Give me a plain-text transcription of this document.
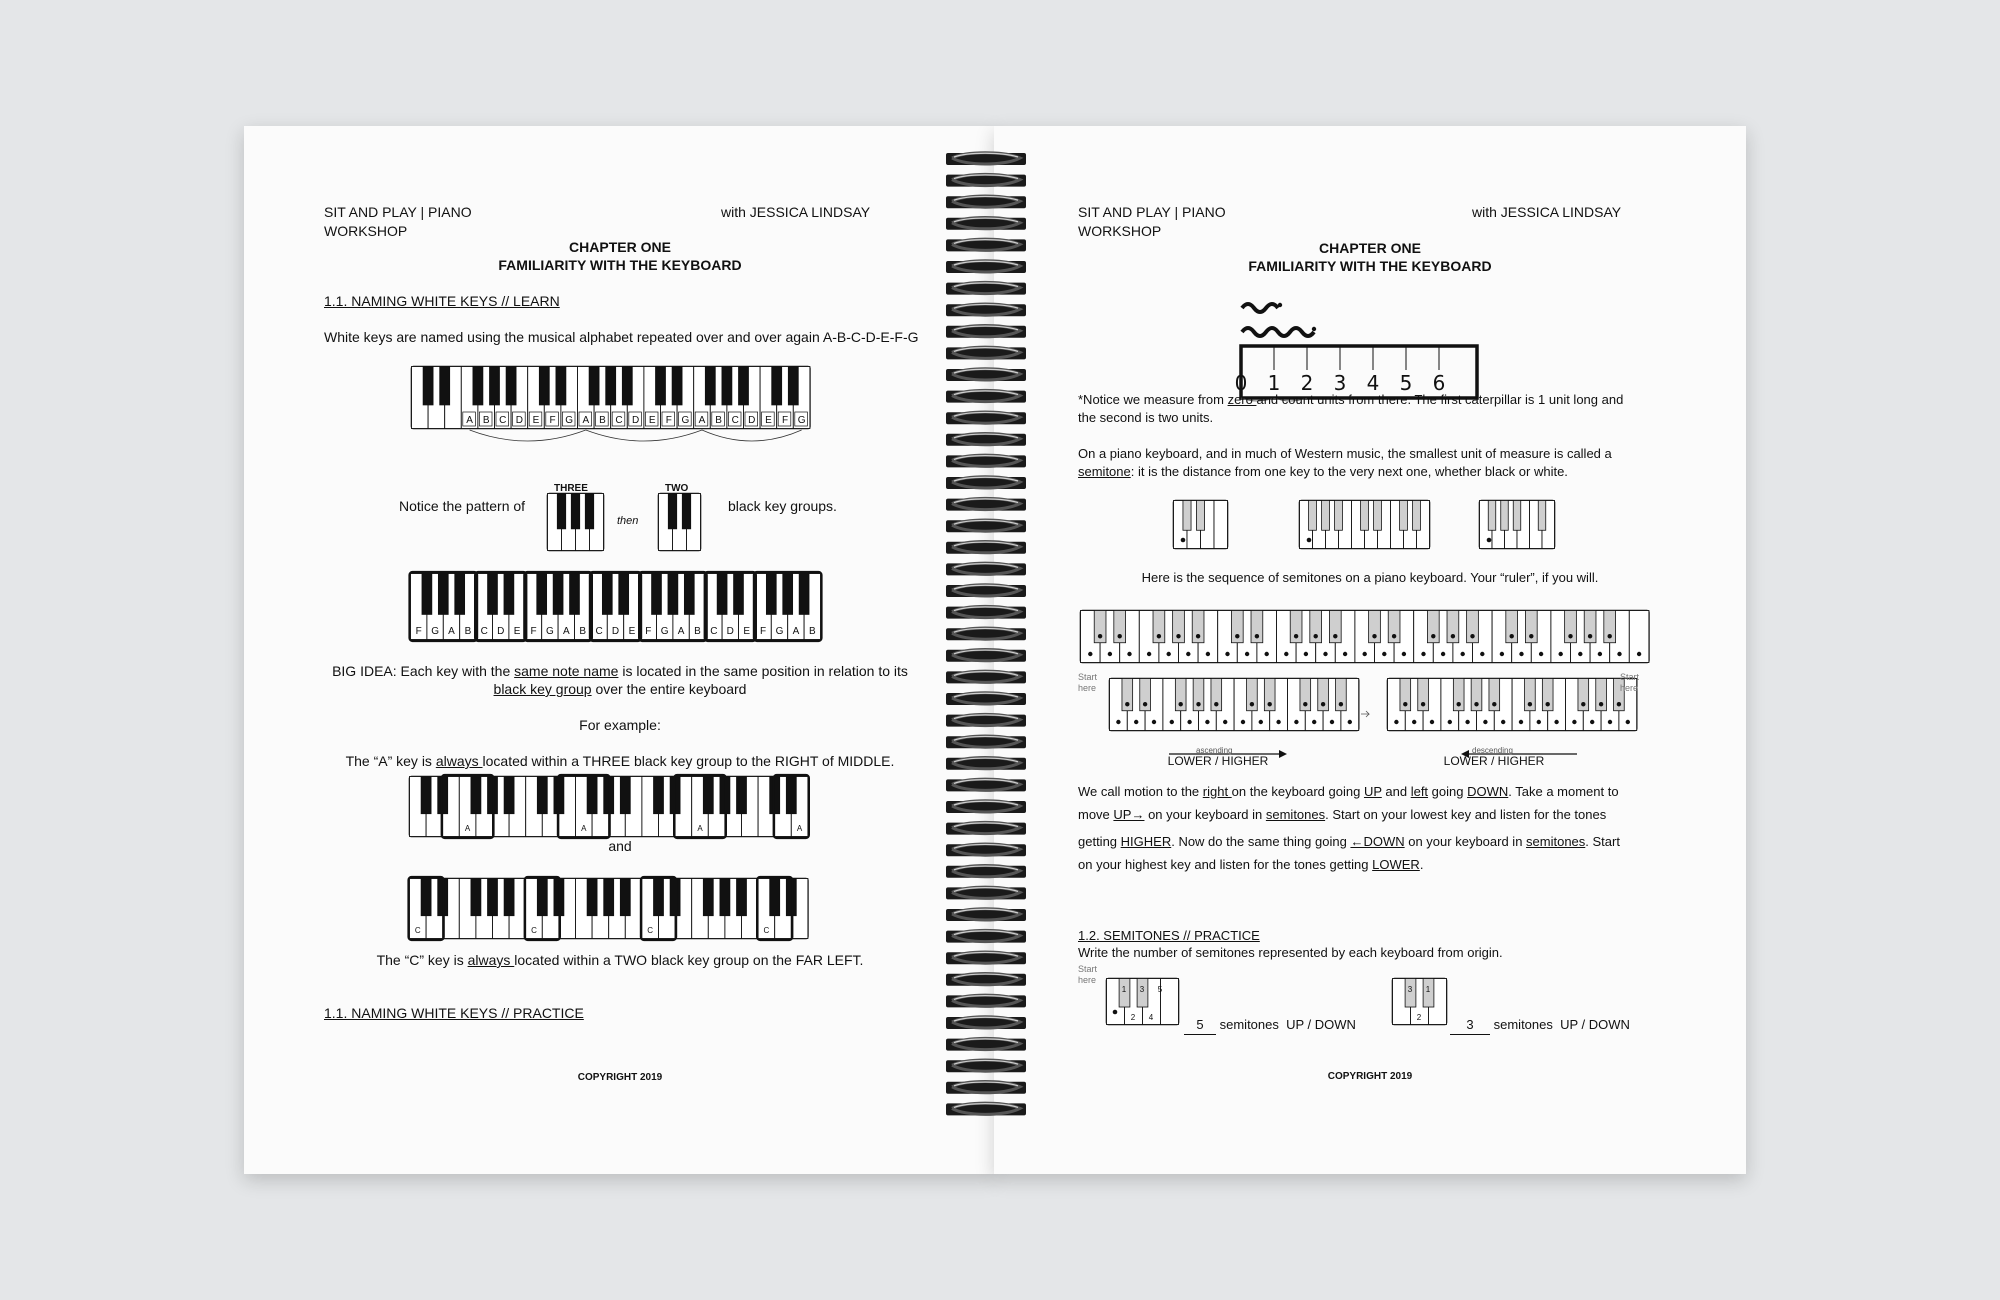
SIT AND PLAY | PIANO
WORKSHOP
with JESSICA LINDSAY
CHAPTER ONE
FAMILIARITY WITH THE KEYBOARD
1.1. NAMING WHITE KEYS // LEARN
White keys are named using the musical alphabet repeated over and over again A-B-C-D-E-F-G
A B C D E F G A B C D E F G A B C D E F G
Notice the pattern of
THREE
then
TWO
black key groups.
F G A B C D E F G A B C D E F G A B C D E F G A B
BIG IDEA: Each key with the same note name is located in the same position in relation to its
black key group over the entire keyboard
For example:
The “A” key is always located within a THREE black key group to the RIGHT of MIDDLE.
A	A	A	A
and
C	C	C	C
The “C” key is always located within a TWO black key group on the FAR LEFT.
1.1. NAMING WHITE KEYS // PRACTICE
COPYRIGHT 2019
SIT AND PLAY | PIANO
WORKSHOP
with JESSICA LINDSAY
CHAPTER ONE
FAMILIARITY WITH THE KEYBOARD
0 1 2 3 4 5 6
*Notice we measure from zero and count units from there. The first caterpillar is 1 unit long and
the second is two units.
On a piano keyboard, and in much of Western music, the smallest unit of measure is called a
semitone: it is the distance from one key to the very next one, whether black or white.
Here is the sequence of semitones on a piano keyboard. Your “ruler”, if you will.
Start
here
ascending
LOWER / HIGHER
descending
LOWER / HIGHER
Start
here
We call motion to the right on the keyboard going UP and left going DOWN. Take a moment to
move UP→ on your keyboard in semitones. Start on your lowest key and listen for the tones
getting HIGHER. Now do the same thing going ←DOWN on your keyboard in semitones. Start
on your highest key and listen for the tones getting LOWER.
1.2. SEMITONES // PRACTICE
Write the number of semitones represented by each keyboard from origin.
Start
here
1 3 5
2 4	5 semitones UP / DOWN
3 1
2	3 semitones UP / DOWN
COPYRIGHT 2019
